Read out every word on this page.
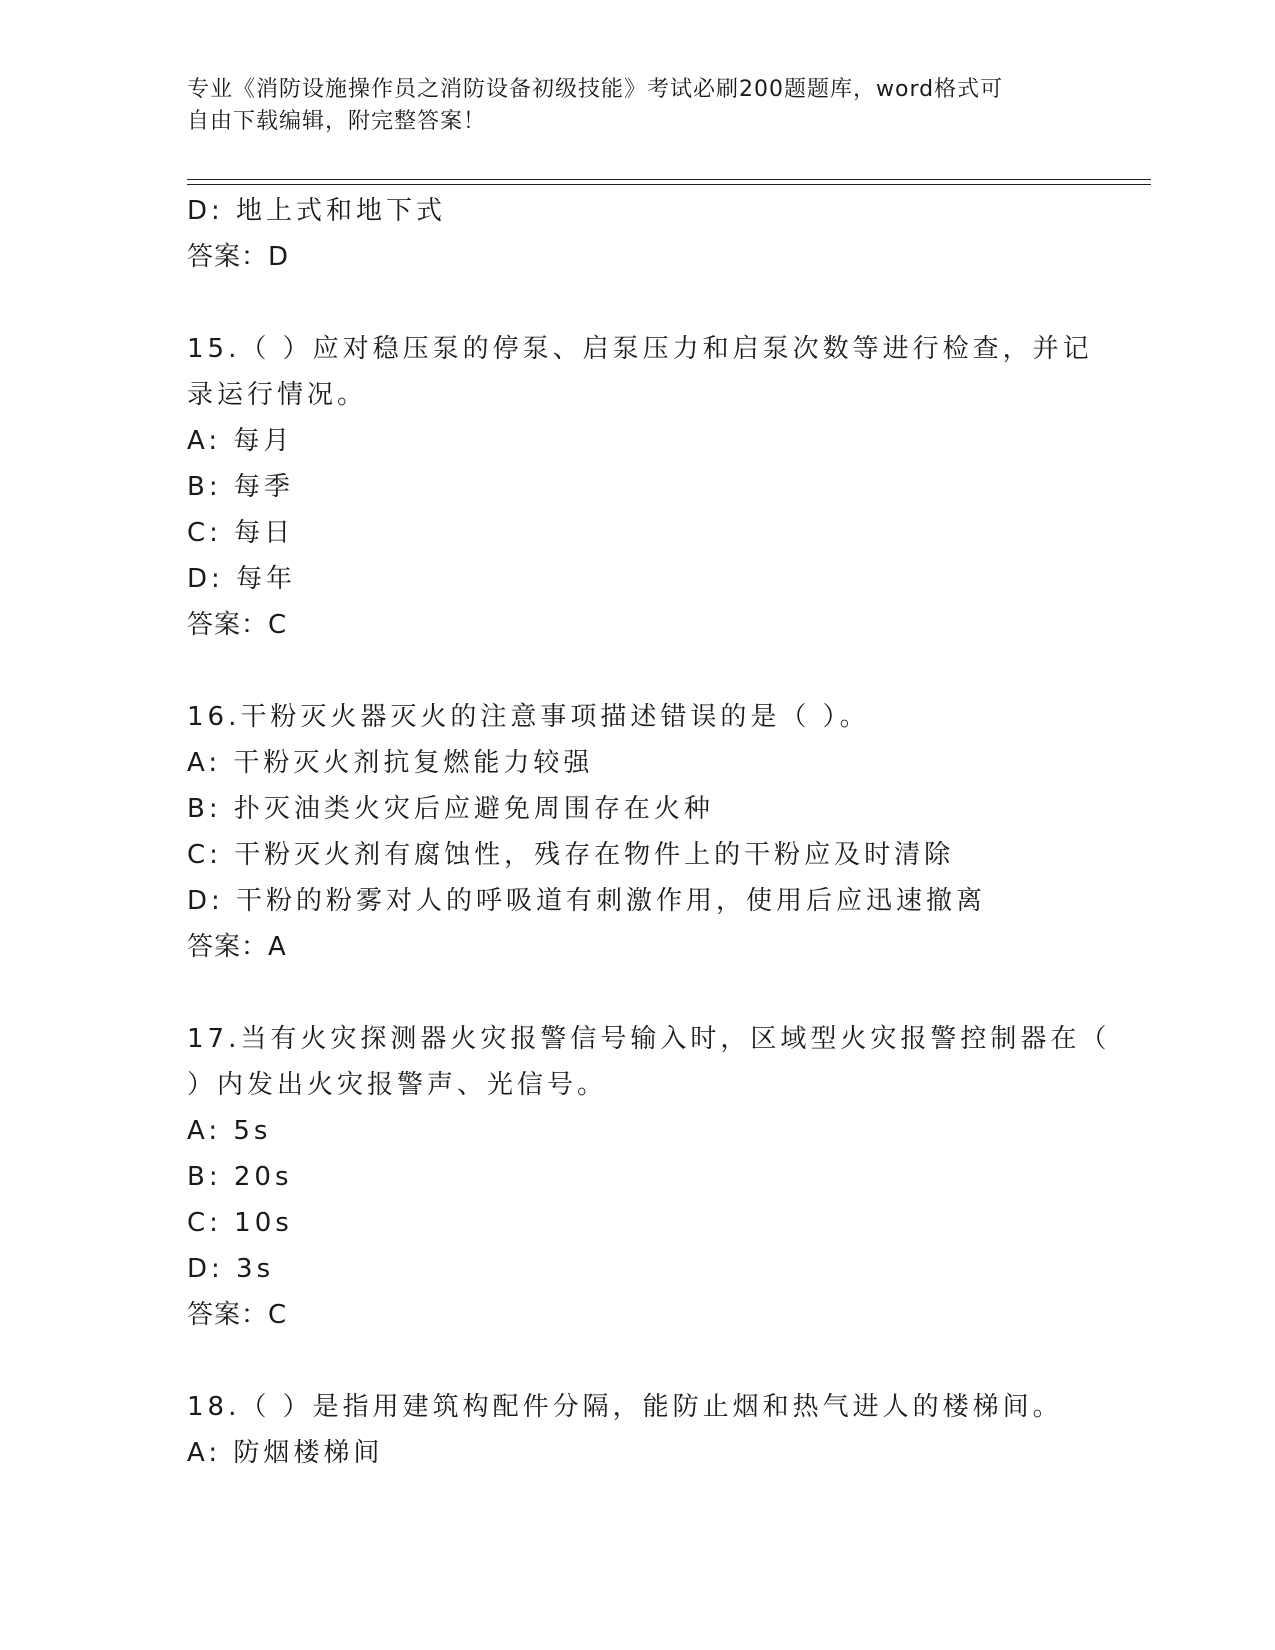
专业《消防设施操作员之消防设备初级技能》考试必刷200题题库，word格式可
自由下载编辑，附完整答案！
D: 地上式和地下式
答案：D
15.（ ）应对稳压泵的停泵、启泵压力和启泵次数等进行检查，并记
录运行情况。
A: 每月
B: 每季
C: 每日
D: 每年
答案：C
16.干粉灭火器灭火的注意事项描述错误的是（ ）。
A: 干粉灭火剂抗复燃能力较强
B: 扑灭油类火灾后应避免周围存在火种
C: 干粉灭火剂有腐蚀性，残存在物件上的干粉应及时清除
D: 干粉的粉雾对人的呼吸道有刺激作用，使用后应迅速撤离
答案：A
17.当有火灾探测器火灾报警信号输入时，区域型火灾报警控制器在（
）内发出火灾报警声、光信号。
A: 5s
B: 20s
C: 10s
D: 3s
答案：C
18.（ ）是指用建筑构配件分隔，能防止烟和热气进人的楼梯间。
A: 防烟楼梯间
